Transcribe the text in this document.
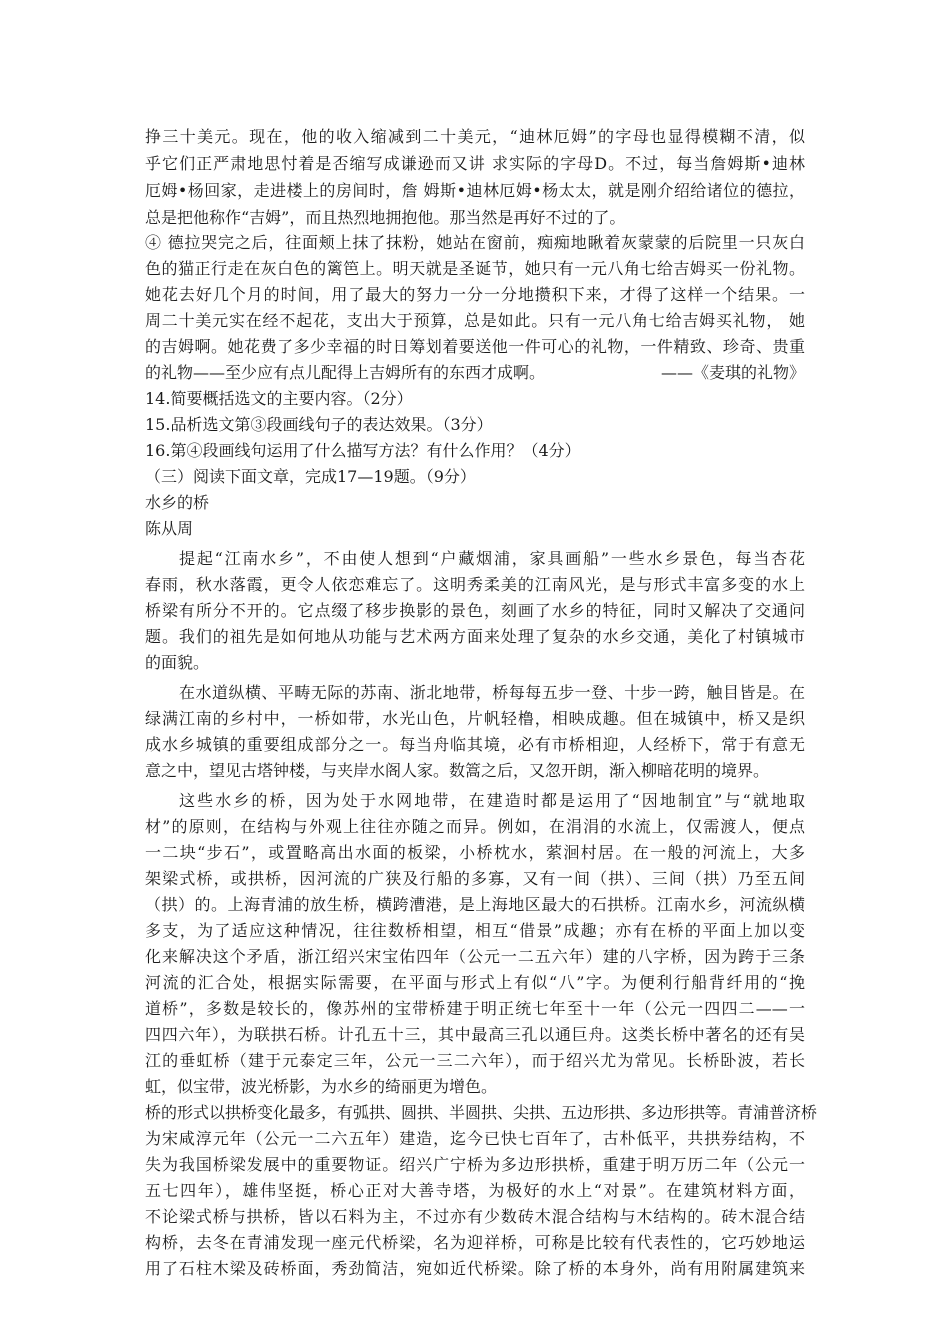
挣三十美元。现在，他的收入缩减到二十美元，“迪林厄姆”的字母也显得模糊不清，似
乎它们正严肃地思忖着是否缩写成谦逊而又讲 求实际的字母D。不过，每当詹姆斯•迪林
厄姆•杨回家，走进楼上的房间时，詹 姆斯•迪林厄姆•杨太太，就是刚介绍给诸位的德拉，
总是把他称作“吉姆”，而且热烈地拥抱他。那当然是再好不过的了。
④ 德拉哭完之后，往面颊上抹了抹粉，她站在窗前，痴痴地瞅着灰蒙蒙的后院里一只灰白
色的猫正行走在灰白色的篱笆上。明天就是圣诞节，她只有一元八角七给吉姆买一份礼物。
她花去好几个月的时间，用了最大的努力一分一分地攒积下来，才得了这样一个结果。一
周二十美元实在经不起花，支出大于预算，总是如此。只有一元八角七给吉姆买礼物， 她
的吉姆啊。她花费了多少幸福的时日筹划着要送他一件可心的礼物，一件精致、珍奇、贵重
的礼物——至少应有点儿配得上吉姆所有的东西才成啊。	——《麦琪的礼物》
14.简要概括选文的主要内容。（2分）
15.品析选文第③段画线句子的表达效果。（3分）
16.第④段画线句运用了什么描写方法？有什么作用？（4分）
（三）阅读下面文章，完成17—19题。（9分）
水乡的桥
陈从周
提起“江南水乡”，不由使人想到“户藏烟浦，家具画船”一些水乡景色，每当杏花
春雨，秋水落霞，更令人依恋难忘了。这明秀柔美的江南风光，是与形式丰富多变的水上
桥梁有所分不开的。它点缀了移步换影的景色，刻画了水乡的特征，同时又解决了交通问
题。我们的祖先是如何地从功能与艺术两方面来处理了复杂的水乡交通，美化了村镇城市
的面貌。
在水道纵横、平畴无际的苏南、浙北地带，桥每每五步一登、十步一跨，触目皆是。在
绿满江南的乡村中，一桥如带，水光山色，片帆轻橹，相映成趣。但在城镇中，桥又是织
成水乡城镇的重要组成部分之一。每当舟临其境，必有市桥相迎，人经桥下，常于有意无
意之中，望见古塔钟楼，与夹岸水阁人家。数篙之后，又忽开朗，渐入柳暗花明的境界。
这些水乡的桥，因为处于水网地带，在建造时都是运用了“因地制宜”与“就地取
材”的原则，在结构与外观上往往亦随之而异。例如，在涓涓的水流上，仅需渡人，便点
一二块“步石”，或置略高出水面的板梁，小桥枕水，萦洄村居。在一般的河流上，大多
架梁式桥，或拱桥，因河流的广狭及行船的多寡，又有一间（拱）、三间（拱）乃至五间
（拱）的。上海青浦的放生桥，横跨漕港，是上海地区最大的石拱桥。江南水乡，河流纵横
多支，为了适应这种情况，往往数桥相望，相互“借景”成趣；亦有在桥的平面上加以变
化来解决这个矛盾，浙江绍兴宋宝佑四年（公元一二五六年）建的八字桥，因为跨于三条
河流的汇合处，根据实际需要，在平面与形式上有似“八”字。为便利行船背纤用的“挽
道桥”，多数是较长的，像苏州的宝带桥建于明正统七年至十一年（公元一四四二——一
四四六年），为联拱石桥。计孔五十三，其中最高三孔以通巨舟。这类长桥中著名的还有吴
江的垂虹桥（建于元泰定三年，公元一三二六年），而于绍兴尤为常见。长桥卧波，若长
虹，似宝带，波光桥影，为水乡的绮丽更为增色。
桥的形式以拱桥变化最多，有弧拱、圆拱、半圆拱、尖拱、五边形拱、多边形拱等。青浦普济桥
为宋咸淳元年（公元一二六五年）建造，迄今已快七百年了，古朴低平，共拱券结构，不
失为我国桥梁发展中的重要物证。绍兴广宁桥为多边形拱桥，重建于明万历二年（公元一
五七四年），雄伟坚挺，桥心正对大善寺塔，为极好的水上“对景”。在建筑材料方面，
不论梁式桥与拱桥，皆以石料为主，不过亦有少数砖木混合结构与木结构的。砖木混合结
构桥，去冬在青浦发现一座元代桥梁，名为迎祥桥，可称是比较有代表性的，它巧妙地运
用了石柱木梁及砖桥面，秀劲简洁，宛如近代桥梁。除了桥的本身外，尚有用附属建筑来
